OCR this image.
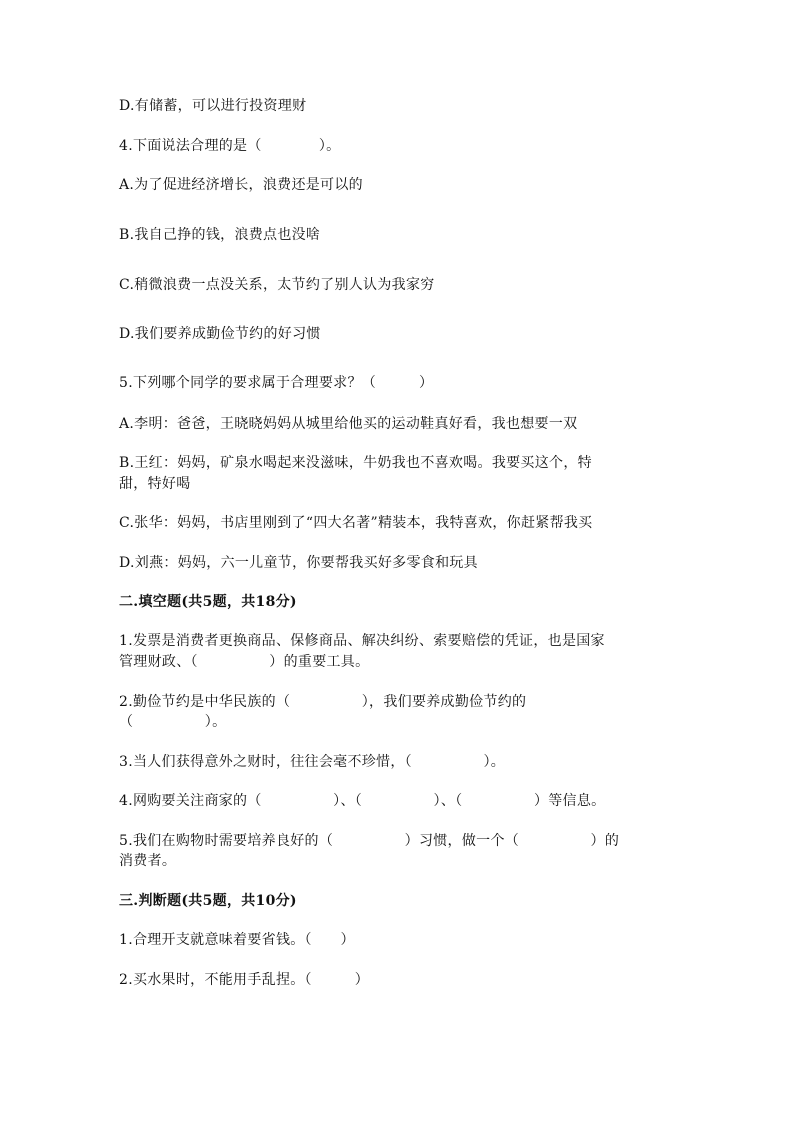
D.有储蓄，可以进行投资理财
4.下面说法合理的是（　　　　）。
A.为了促进经济增长，浪费还是可以的
B.我自己挣的钱，浪费点也没啥
C.稍微浪费一点没关系，太节约了别人认为我家穷
D.我们要养成勤俭节约的好习惯
5.下列哪个同学的要求属于合理要求？（　　　）
A.李明：爸爸，王晓晓妈妈从城里给他买的运动鞋真好看，我也想要一双
B.王红：妈妈，矿泉水喝起来没滋味，牛奶我也不喜欢喝。我要买这个，特
甜，特好喝
C.张华：妈妈，书店里刚到了“四大名著”精装本，我特喜欢，你赶紧帮我买
D.刘燕：妈妈，六一儿童节，你要帮我买好多零食和玩具
二.填空题(共5题，共18分)
1.发票是消费者更换商品、保修商品、解决纠纷、索要赔偿的凭证，也是国家
管理财政、（　　　　　）的重要工具。
2.勤俭节约是中华民族的（　　　　　），我们要养成勤俭节约的
（　　　　　）。
3.当人们获得意外之财时，往往会毫不珍惜，（　　　　　）。
4.网购要关注商家的（　　　　　）、（　　　　　）、（　　　　　）等信息。
5.我们在购物时需要培养良好的（　　　　　）习惯，做一个（　　　　　）的
消费者。
三.判断题(共5题，共10分)
1.合理开支就意味着要省钱。（　　）
2.买水果时，不能用手乱捏。（　　　）
